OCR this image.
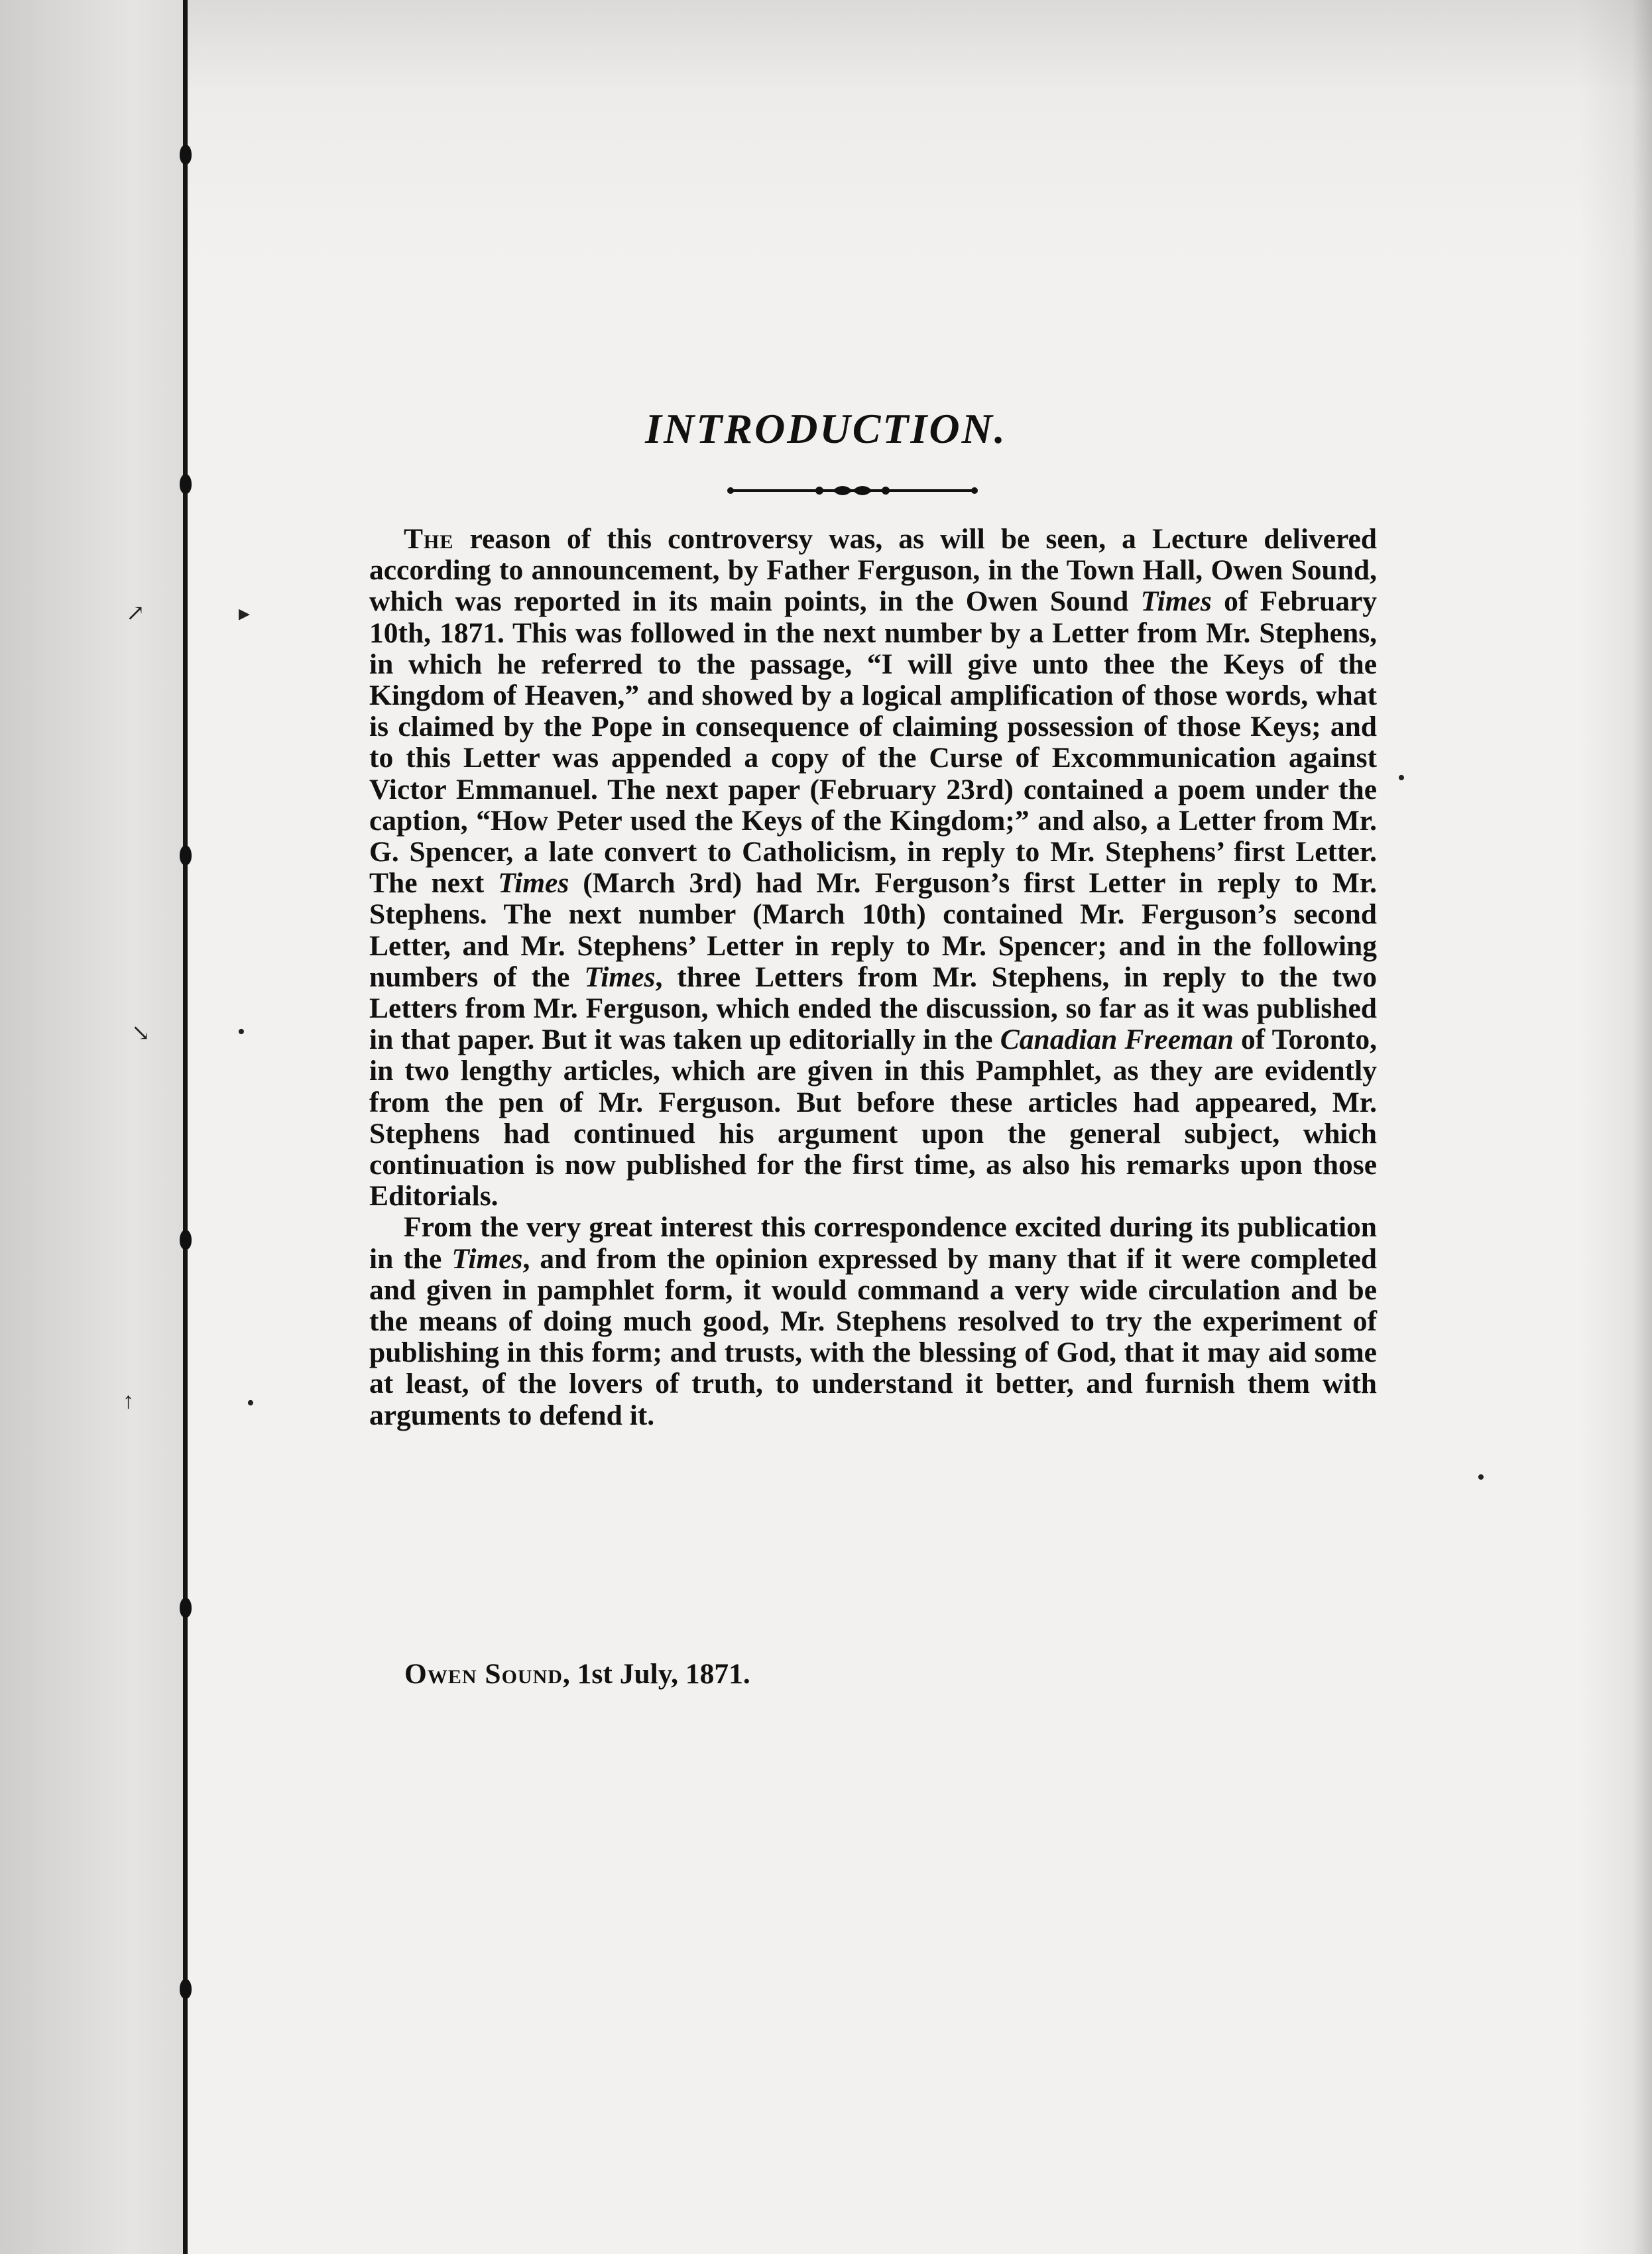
↗	▸
↘	•
↑	•
•
•
INTRODUCTION.

The reason of this controversy was, as will be seen, a Lecture delivered according to announcement, by Father Ferguson, in the Town Hall, Owen Sound, which was reported in its main points, in the Owen Sound Times of February 10th, 1871. This was followed in the next number by a Letter from Mr. Stephens, in which he referred to the passage, “I will give unto thee the Keys of the Kingdom of Heaven,” and showed by a logical amplification of those words, what is claimed by the Pope in consequence of claiming possession of those Keys; and to this Letter was appended a copy of the Curse of Excommunication against Victor Emmanuel. The next paper (February 23rd) contained a poem under the caption, “How Peter used the Keys of the Kingdom;” and also, a Letter from Mr. G. Spencer, a late convert to Catholicism, in reply to Mr. Stephens’ first Letter. The next Times (March 3rd) had Mr. Ferguson’s first Letter in reply to Mr. Stephens. The next number (March 10th) contained Mr. Ferguson’s second Letter, and Mr. Stephens’ Letter in reply to Mr. Spencer; and in the following numbers of the Times, three Letters from Mr. Stephens, in reply to the two Letters from Mr. Ferguson, which ended the discussion, so far as it was published in that paper. But it was taken up editorially in the Canadian Freeman of Toronto, in two lengthy articles, which are given in this Pamphlet, as they are evidently from the pen of Mr. Ferguson. But before these articles had appeared, Mr. Stephens had continued his argument upon the general subject, which continuation is now published for the first time, as also his remarks upon those Editorials.

From the very great interest this correspondence excited during its publication in the Times, and from the opinion expressed by many that if it were completed and given in pamphlet form, it would command a very wide circulation and be the means of doing much good, Mr. Stephens resolved to try the experiment of publishing in this form; and trusts, with the blessing of God, that it may aid some at least, of the lovers of truth, to understand it better, and furnish them with arguments to defend it.

Owen Sound, 1st July, 1871.
